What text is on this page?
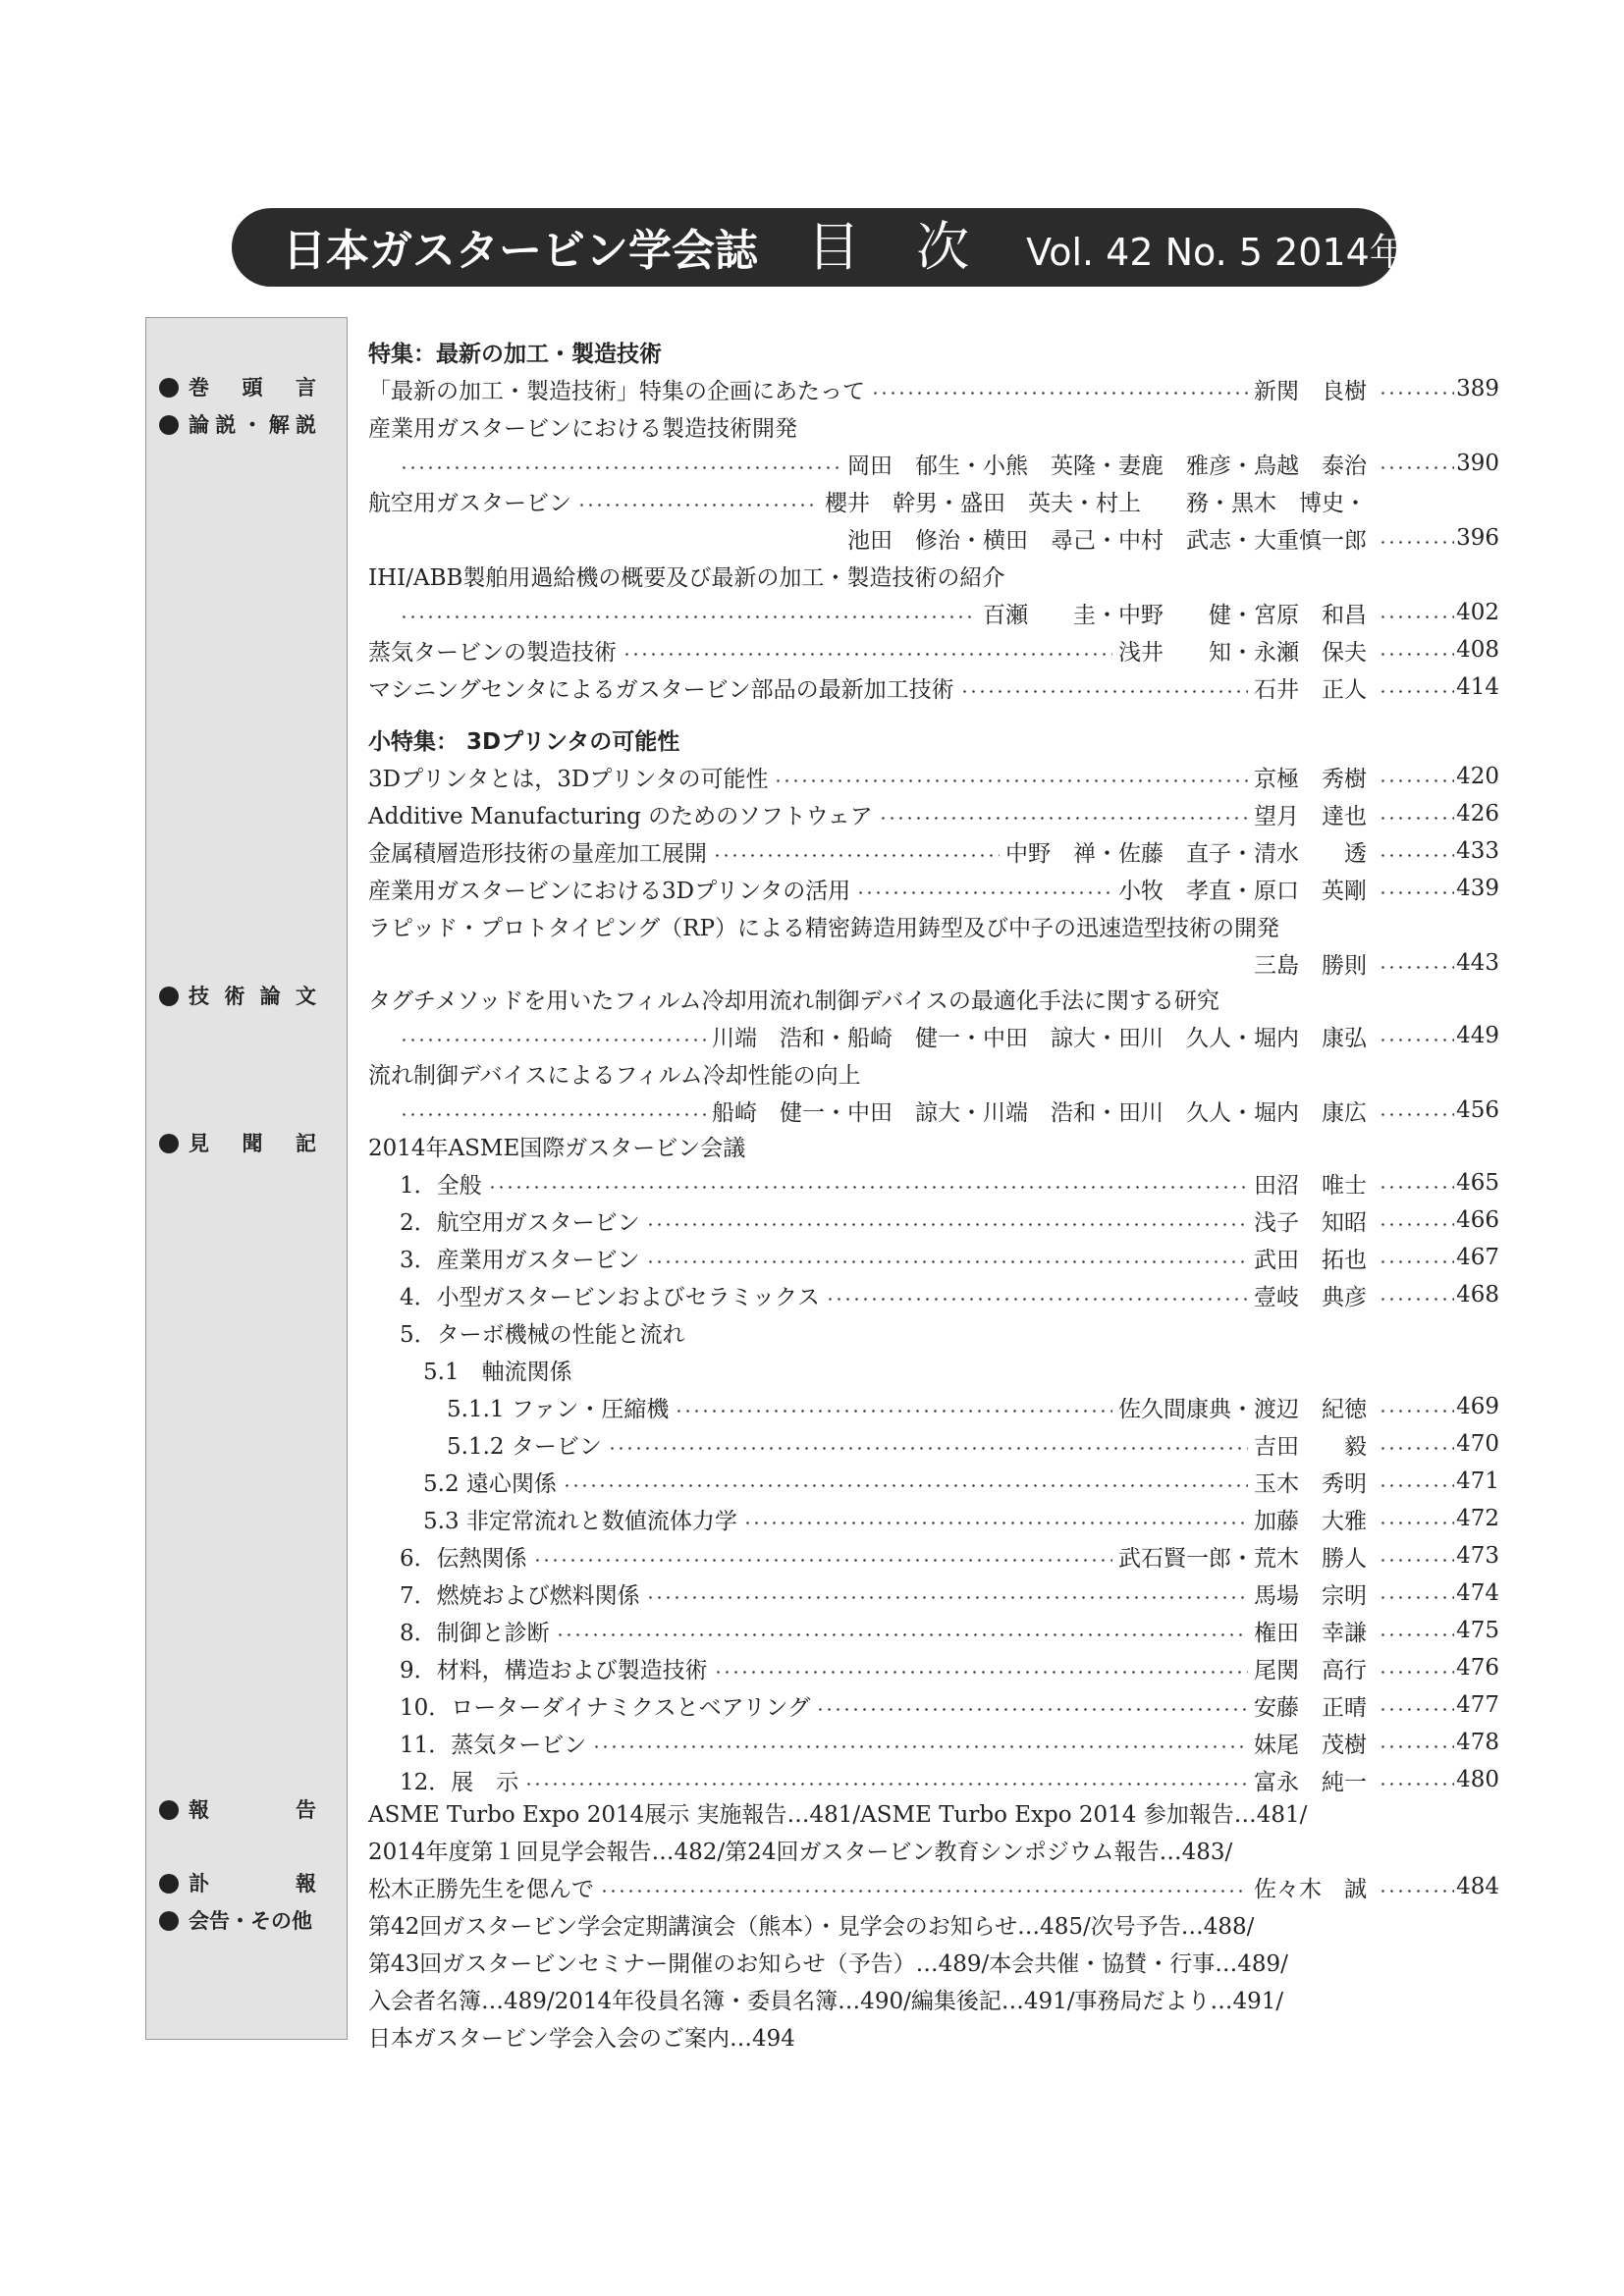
日本ガスタービン学会誌 目 次 Vol. 42 No. 5 2014年 9月
巻 頭 言
論説・解説
技 術 論 文
見 聞 記
報 告
訃 報
会告・その他
特集：最新の加工・製造技術
「最新の加工・製造技術」特集の企画にあたって	新関　良樹	389
産業用ガスタービンにおける製造技術開発
岡田　郁生・小熊　英隆・妻鹿　雅彦・鳥越　泰治	390
航空用ガスタービン	櫻井　幹男・盛田　英夫・村上　　務・黒木　博史・
池田　修治・横田　尋己・中村　武志・大重慎一郎	396
IHI/ABB製舶用過給機の概要及び最新の加工・製造技術の紹介
百瀬　　圭・中野　　健・宮原　和昌	402
蒸気タービンの製造技術	浅井　　知・永瀬　保夫	408
マシニングセンタによるガスタービン部品の最新加工技術	石井　正人	414
小特集： 3Dプリンタの可能性
3Dプリンタとは，3Dプリンタの可能性	京極　秀樹	420
Additive Manufacturing のためのソフトウェア	望月　達也	426
金属積層造形技術の量産加工展開	中野　禅・佐藤　直子・清水　　透	433
産業用ガスタービンにおける3Dプリンタの活用	小牧　孝直・原口　英剛	439
ラピッド・プロトタイピング（RP）による精密鋳造用鋳型及び中子の迅速造型技術の開発
三島　勝則	443
タグチメソッドを用いたフィルム冷却用流れ制御デバイスの最適化手法に関する研究
川端　浩和・船崎　健一・中田　諒大・田川　久人・堀内　康弘	449
流れ制御デバイスによるフィルム冷却性能の向上
船崎　健一・中田　諒大・川端　浩和・田川　久人・堀内　康広	456
2014年ASME国際ガスタービン会議
1．全般	田沼　唯士	465
2．航空用ガスタービン	浅子　知昭	466
3．産業用ガスタービン	武田　拓也	467
4．小型ガスタービンおよびセラミックス	壹岐　典彦	468
5．ターボ機械の性能と流れ
5.1　軸流関係
5.1.1 ファン・圧縮機	佐久間康典・渡辺　紀徳	469
5.1.2 タービン	吉田　　毅	470
5.2 遠心関係	玉木　秀明	471
5.3 非定常流れと数値流体力学	加藤　大雅	472
6．伝熱関係	武石賢一郎・荒木　勝人	473
7．燃焼および燃料関係	馬場　宗明	474
8．制御と診断	権田　幸謙	475
9．材料，構造および製造技術	尾関　高行	476
10．ローターダイナミクスとベアリング	安藤　正晴	477
11．蒸気タービン	妹尾　茂樹	478
12．展　示	富永　純一	480
ASME Turbo Expo 2014展示 実施報告…481/ASME Turbo Expo 2014 参加報告…481/
2014年度第１回見学会報告…482/第24回ガスタービン教育シンポジウム報告…483/
松木正勝先生を偲んで	佐々木　誠	484
第42回ガスタービン学会定期講演会（熊本）・見学会のお知らせ…485/次号予告…488/
第43回ガスタービンセミナー開催のお知らせ（予告）…489/本会共催・協賛・行事…489/
入会者名簿…489/2014年役員名簿・委員名簿…490/編集後記…491/事務局だより…491/
日本ガスタービン学会入会のご案内…494
